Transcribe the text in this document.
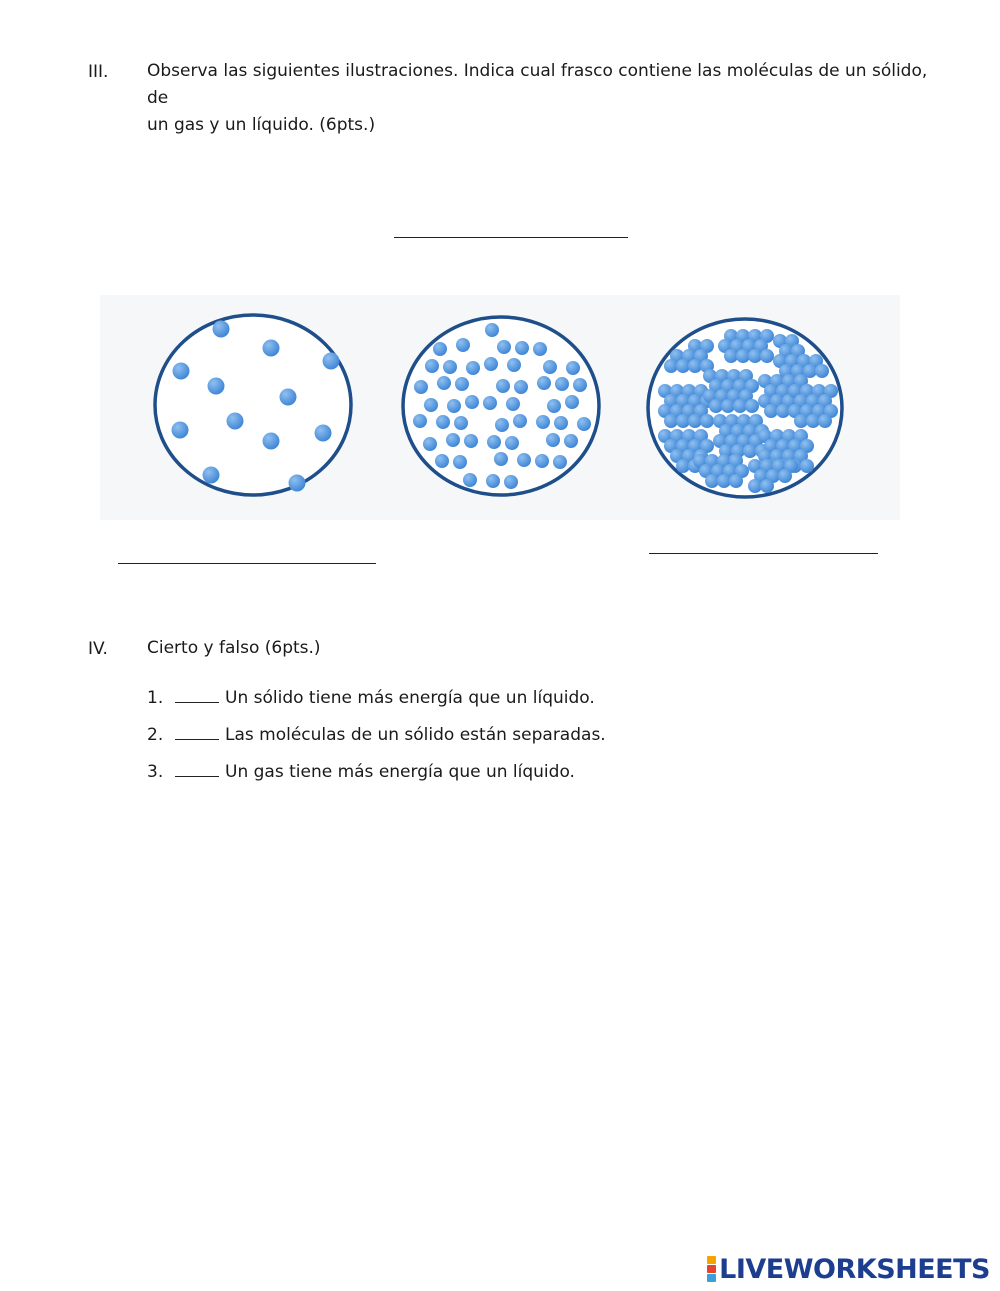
III. Observa las siguientes ilustraciones. Indica cual frasco contiene las moléculas de un sólido, de
un gas y un líquido. (6pts.)
IV. Cierto y falso (6pts.)
1.	Un sólido tiene más energía que un líquido.
2.	Las moléculas de un sólido están separadas.
3.	Un gas tiene más energía que un líquido.
LIVEWORKSHEETS
